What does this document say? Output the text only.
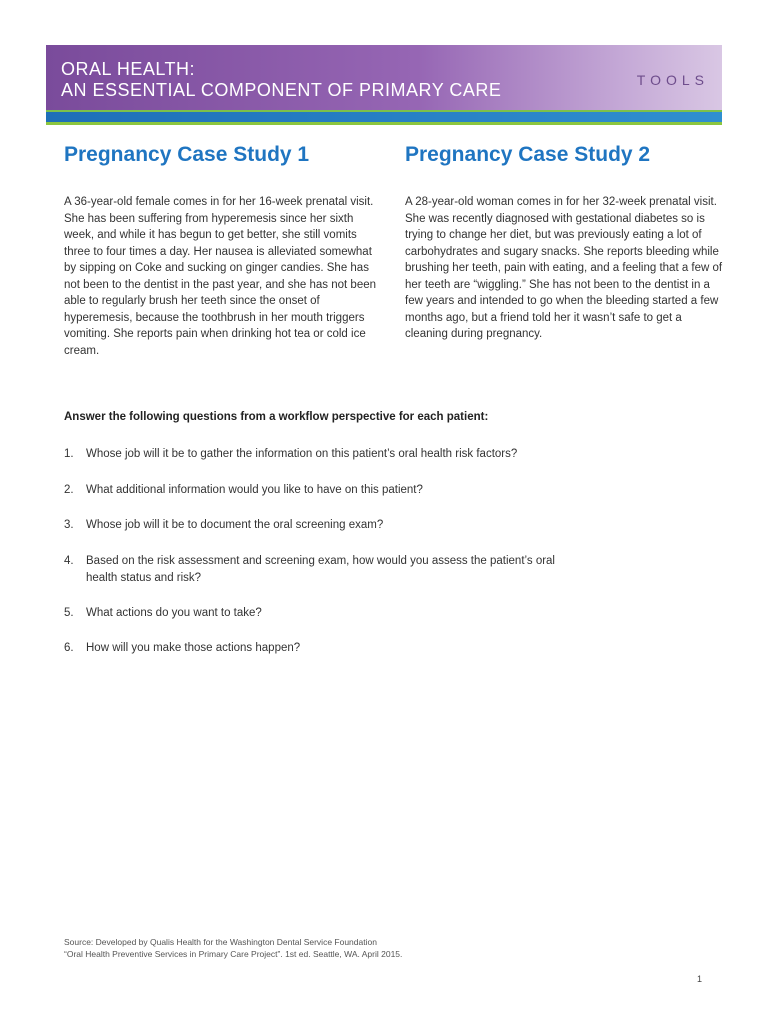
ORAL HEALTH:
AN ESSENTIAL COMPONENT OF PRIMARY CARE	TOOLS
Pregnancy Case Study 1

A 36-year-old female comes in for her 16-week prenatal visit. She has been suffering from hyperemesis since her sixth week, and while it has begun to get better, she still vomits three to four times a day. Her nausea is alleviated somewhat by sipping on Coke and sucking on ginger candies. She has not been to the dentist in the past year, and she has not been able to regularly brush her teeth since the onset of hyperemesis, because the toothbrush in her mouth triggers vomiting. She reports pain when drinking hot tea or cold ice cream.

Pregnancy Case Study 2

A 28-year-old woman comes in for her 32-week prenatal visit. She was recently diagnosed with gestational diabetes so is trying to change her diet, but was previously eating a lot of carbohydrates and sugary snacks. She reports bleeding while brushing her teeth, pain with eating, and a feeling that a few of her teeth are “wiggling.” She has not been to the dentist in a few years and intended to go when the bleeding started a few months ago, but a friend told her it wasn’t safe to get a cleaning during pregnancy.

Answer the following questions from a workflow perspective for each patient:
1.	Whose job will it be to gather the information on this patient’s oral health risk factors?
2.	What additional information would you like to have on this patient?
3.	Whose job will it be to document the oral screening exam?
4.	Based on the risk assessment and screening exam, how would you assess the patient’s oral health status and risk?
5.	What actions do you want to take?
6.	How will you make those actions happen?
Source: Developed by Qualis Health for the Washington Dental Service Foundation
“Oral Health Preventive Services in Primary Care Project”. 1st ed. Seattle, WA. April 2015.
1
